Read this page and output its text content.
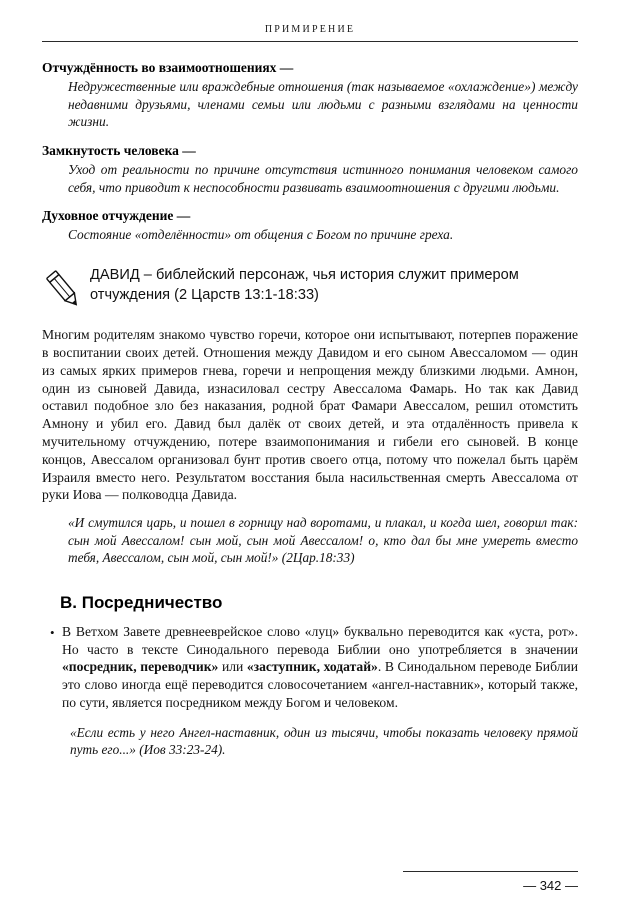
ПРИМИРЕНИЕ
Отчуждённость во взаимоотношениях —
Недружественные или враждебные отношения (так называемое «охлаждение») между недавними друзьями, членами семьи или людьми с разными взглядами на ценности жизни.
Замкнутость человека —
Уход от реальности по причине отсутствия истинного понимания человеком самого себя, что приводит к неспособности развивать взаимоотношения с другими людьми.
Духовное отчуждение —
Состояние «отделённости» от общения с Богом по причине греха.
ДАВИД – библейский персонаж, чья история служит примером отчуждения (2 Царств 13:1-18:33)

Многим родителям знакомо чувство горечи, которое они испытывают, потерпев поражение в воспитании своих детей. Отношения между Давидом и его сыном Авессаломом — один из самых ярких примеров гнева, горечи и непрощения между близкими людьми. Амнон, один из сыновей Давида, изнасиловал сестру Авессалома Фамарь. Но так как Давид оставил подобное зло без наказания, родной брат Фамари Авессалом, решил отомстить Амнону и убил его. Давид был далёк от своих детей, и эта отдалённость привела к мучительному отчуждению, потере взаимопонимания и гибели его сыновей. В конце концов, Авессалом организовал бунт против своего отца, потому что пожелал быть царём Израиля вместо него. Результатом восстания была насильственная смерть Авессалома от руки Иова — полководца Давида.

«И смутился царь, и пошел в горницу над воротами, и плакал, и когда шел, говорил так: сын мой Авессалом! сын мой, сын мой Авессалом! о, кто дал бы мне умереть вместо тебя, Авессалом, сын мой, сын мой!» (2Цар.18:33)
B. Посредничество
• В Ветхом Завете древнееврейское слово «луц» буквально переводится как «уста, рот». Но часто в тексте Синодального перевода Библии оно употребляется в значении «посредник, переводчик» или «заступник, ходатай». В Синодальном переводе Библии это слово иногда ещё переводится словосочетанием «ангел-наставник», который также, по сути, является посредником между Богом и человеком.
«Если есть у него Ангел-наставник, один из тысячи, чтобы показать человеку прямой путь его...» (Иов 33:23-24).
— 342 —
